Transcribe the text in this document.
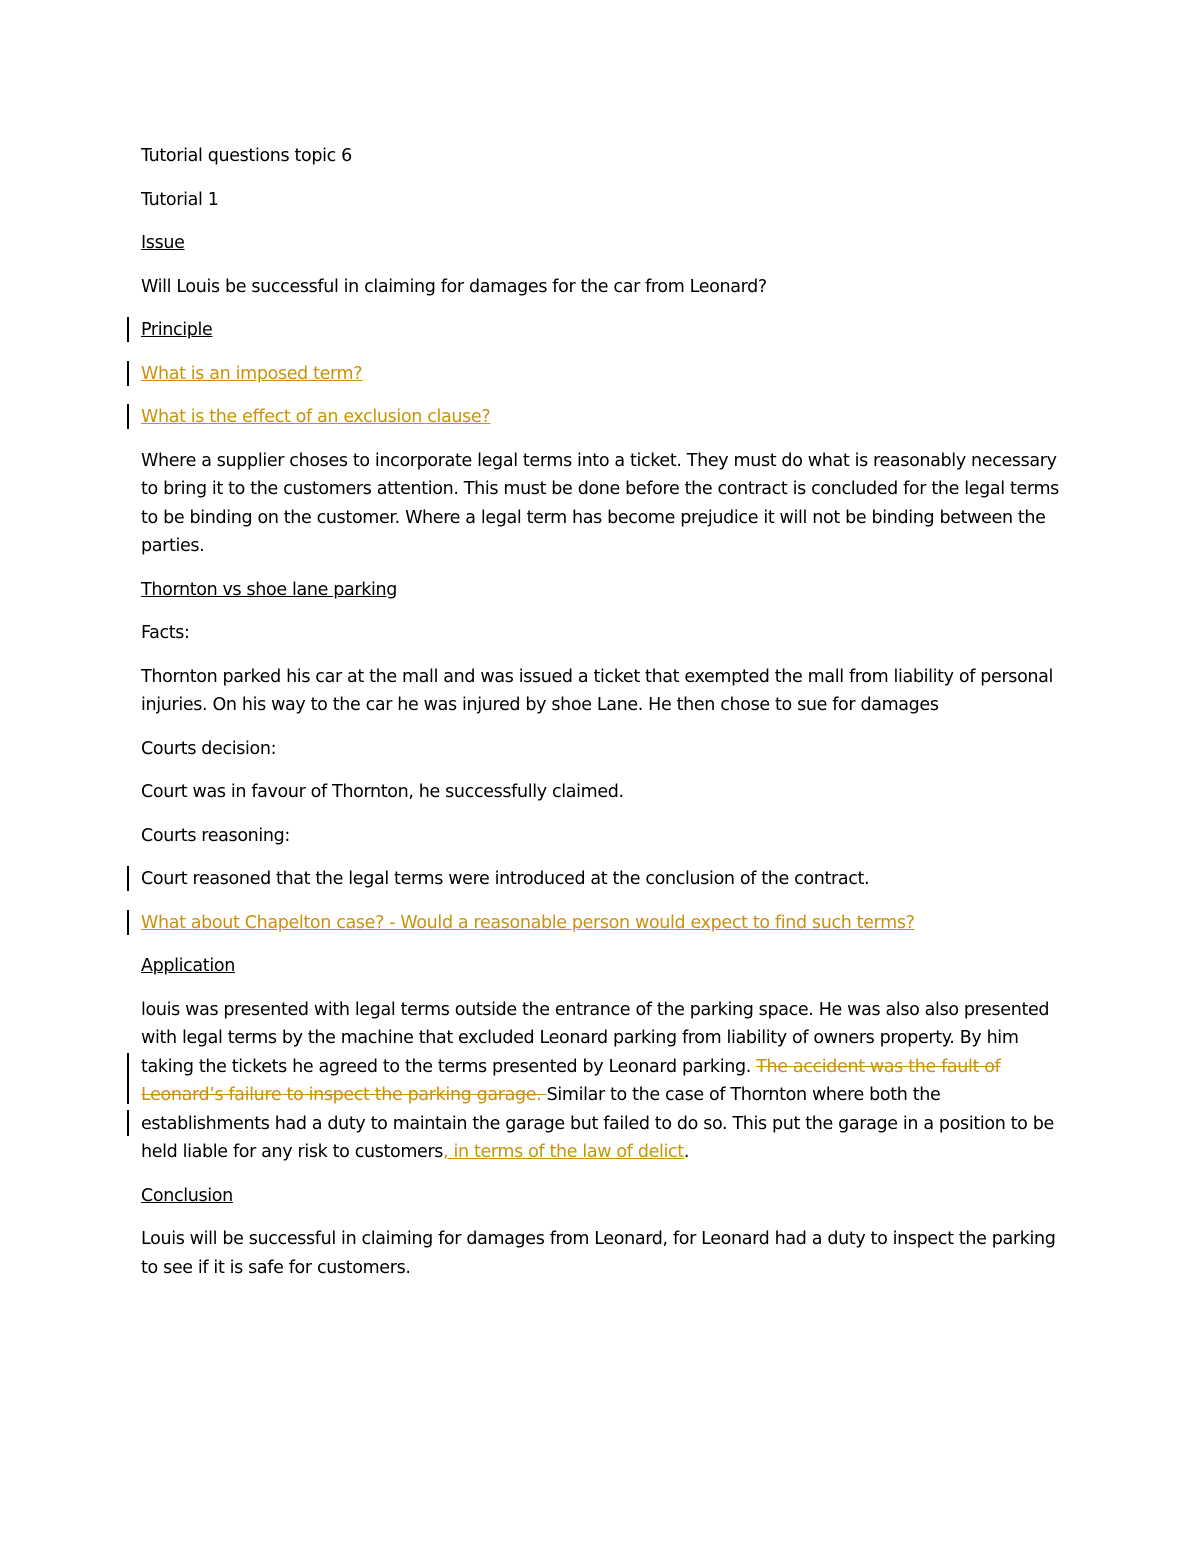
Tutorial questions topic 6

Tutorial 1

Issue

Will Louis be successful in claiming for damages for the car from Leonard?

Principle

What is an imposed term?

What is the effect of an exclusion clause?

Where a supplier choses to incorporate legal terms into a ticket. They must do what is reasonably necessary to bring it to the customers attention. This must be done before the contract is concluded for the legal terms to be binding on the customer. Where a legal term has become prejudice it will not be binding between the parties.

Thornton vs shoe lane parking

Facts:

Thornton parked his car at the mall and was issued a ticket that exempted the mall from liability of personal injuries. On his way to the car he was injured by shoe Lane. He then chose to sue for damages

Courts decision:

Court was in favour of Thornton, he successfully claimed.

Courts reasoning:

Court reasoned that the legal terms were introduced at the conclusion of the contract.

What about Chapelton case? - Would a reasonable person would expect to find such terms?

Application

louis was presented with legal terms outside the entrance of the parking space. He was also also presented with legal terms by the machine that excluded Leonard parking from liability of owners property. By him taking the tickets he agreed to the terms presented by Leonard parking. The accident was the fault of Leonard’s failure to inspect the parking garage. Similar to the case of Thornton where both the establishments had a duty to maintain the garage but failed to do so. This put the garage in a position to be held liable for any risk to customers, in terms of the law of delict.

Conclusion

Louis will be successful in claiming for damages from Leonard, for Leonard had a duty to inspect the parking to see if it is safe for customers.
